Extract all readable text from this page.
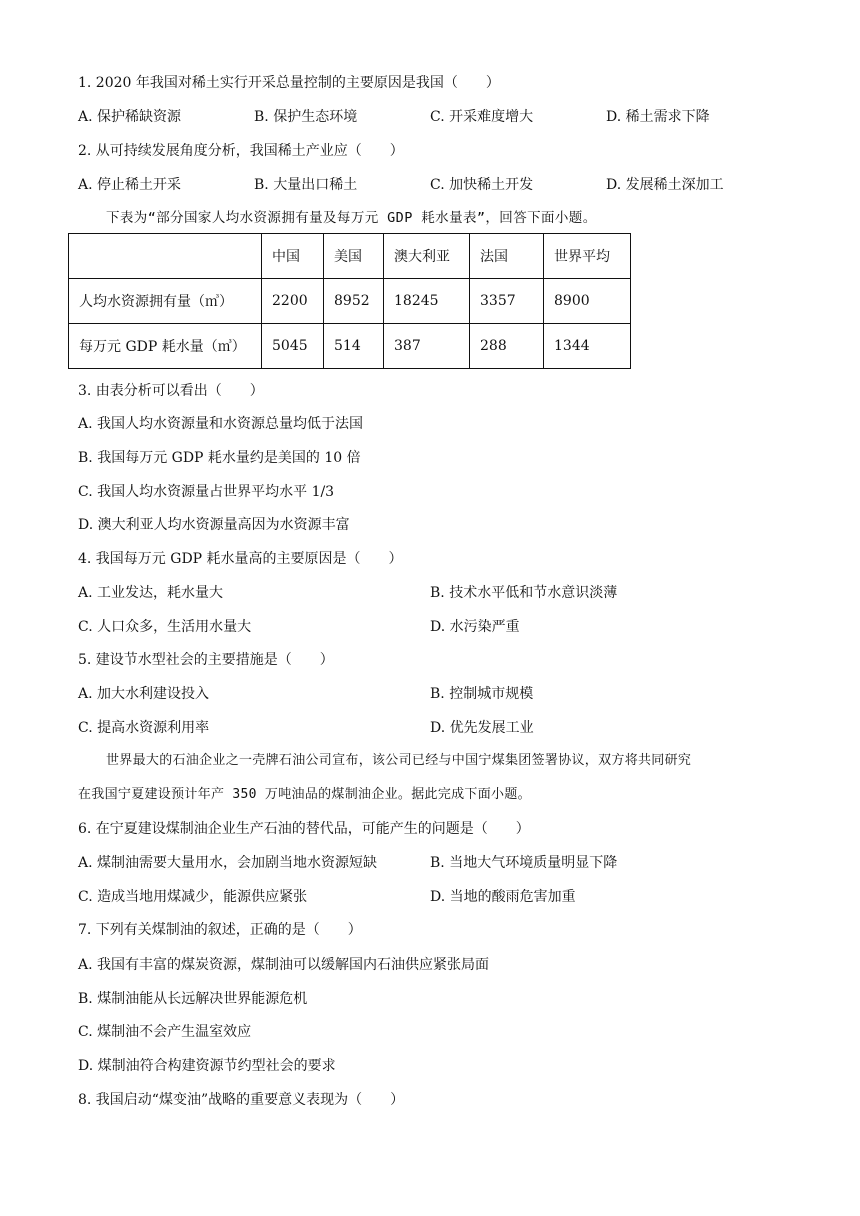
1. 2020 年我国对稀土实行开采总量控制的主要原因是我国（　　）
A. 保护稀缺资源	B. 保护生态环境	C. 开采难度增大	D. 稀土需求下降
2. 从可持续发展角度分析，我国稀土产业应（　　）
A. 停止稀土开采	B. 大量出口稀土	C. 加快稀土开发	D. 发展稀土深加工
下表为“部分国家人均水资源拥有量及每万元 GDP 耗水量表”，回答下面小题。
	中国	美国	澳大利亚	法国	世界平均
人均水资源拥有量（㎥）	2200	8952	18245	3357	8900
每万元 GDP 耗水量（㎥）	5045	514	387	288	1344
3. 由表分析可以看出（　　）
A. 我国人均水资源量和水资源总量均低于法国
B. 我国每万元 GDP 耗水量约是美国的 10 倍
C. 我国人均水资源量占世界平均水平 1/3
D. 澳大利亚人均水资源量高因为水资源丰富
4. 我国每万元 GDP 耗水量高的主要原因是（　　）
A. 工业发达，耗水量大	B. 技术水平低和节水意识淡薄
C. 人口众多，生活用水量大	D. 水污染严重
5. 建设节水型社会的主要措施是（　　）
A. 加大水利建设投入	B. 控制城市规模
C. 提高水资源利用率	D. 优先发展工业
世界最大的石油企业之一壳牌石油公司宣布，该公司已经与中国宁煤集团签署协议，双方将共同研究
在我国宁夏建设预计年产 350 万吨油品的煤制油企业。据此完成下面小题。
6. 在宁夏建设煤制油企业生产石油的替代品，可能产生的问题是（　　）
A. 煤制油需要大量用水，会加剧当地水资源短缺	B. 当地大气环境质量明显下降
C. 造成当地用煤减少，能源供应紧张	D. 当地的酸雨危害加重
7. 下列有关煤制油的叙述，正确的是（　　）
A. 我国有丰富的煤炭资源，煤制油可以缓解国内石油供应紧张局面
B. 煤制油能从长远解决世界能源危机
C. 煤制油不会产生温室效应
D. 煤制油符合构建资源节约型社会的要求
8. 我国启动“煤变油”战略的重要意义表现为（　　）
